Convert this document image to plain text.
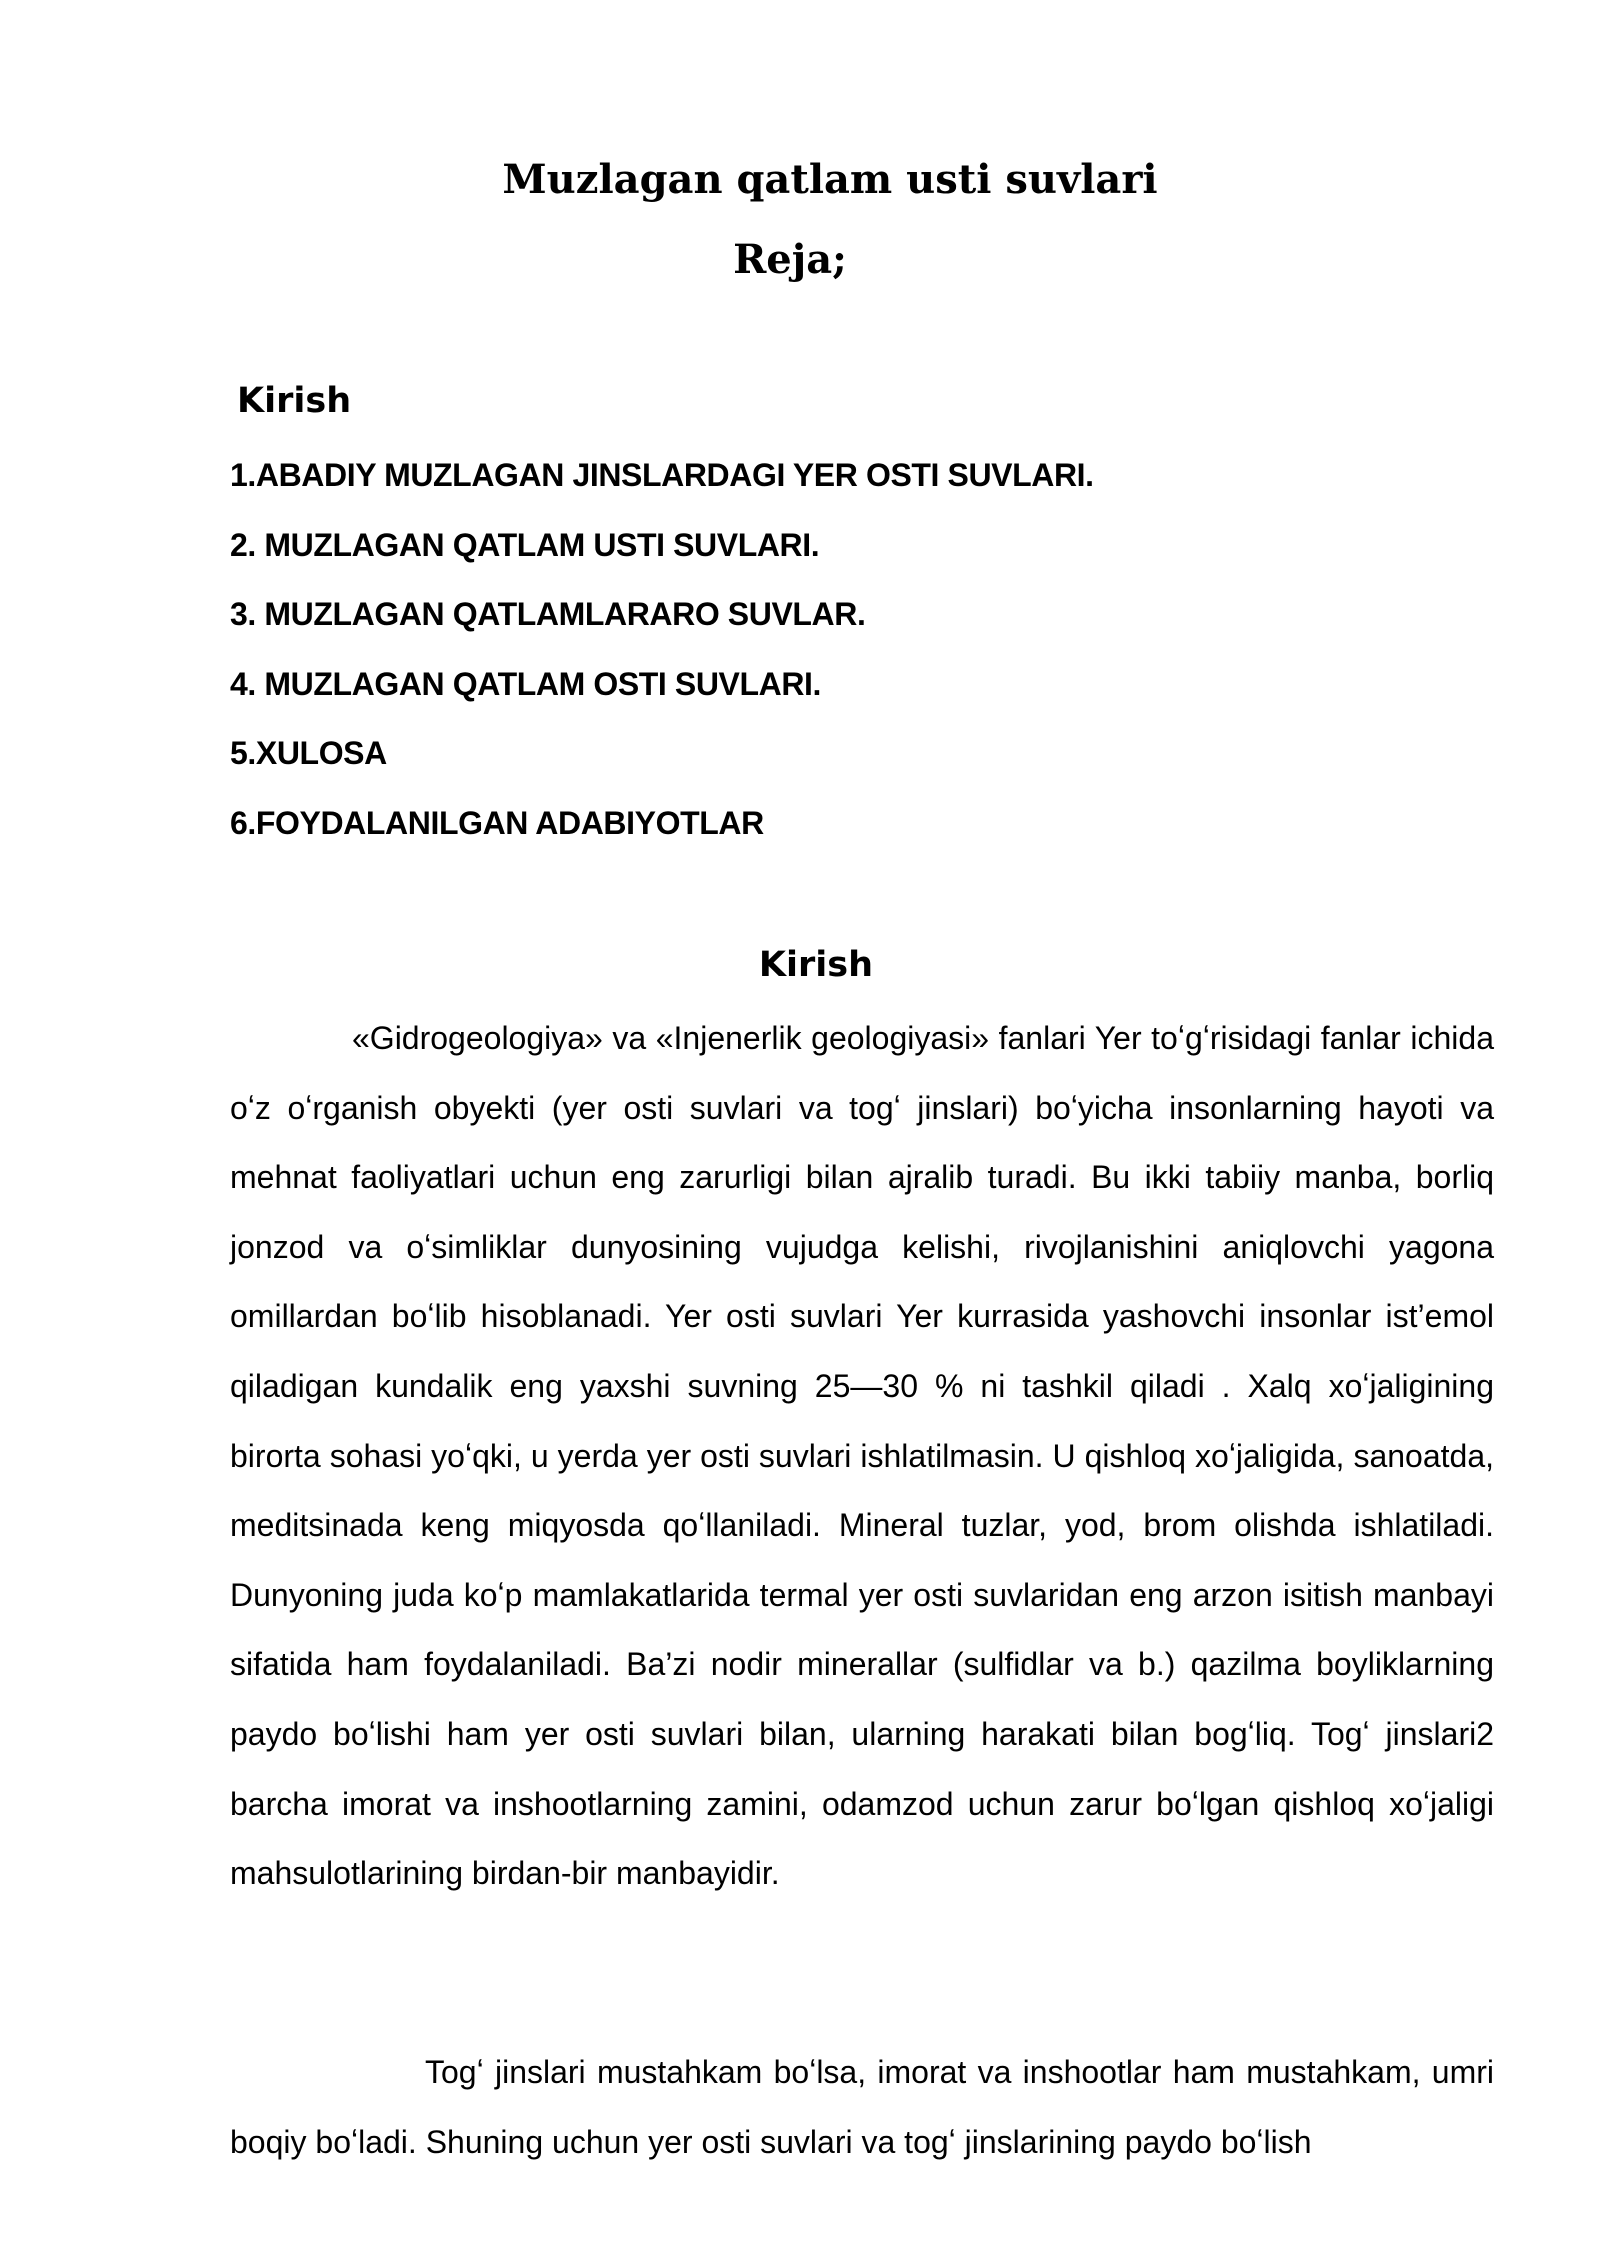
Muzlagan qatlam usti suvlari
Reja;
Kirish
1.ABADIY MUZLAGAN JINSLARDAGI YER OSTI SUVLARI.
2. MUZLAGAN QATLAM USTI SUVLARI.
3. MUZLAGAN QATLAMLARARO SUVLAR.
4. MUZLAGAN QATLAM OSTI SUVLARI.
5.XULOSA
6.FOYDALANILGAN ADABIYOTLAR
Kirish

«Gidrogeologiya» va «Injenerlik geologiyasi» fanlari Yer toʻgʻrisidagi fanlar ichida oʻz oʻrganish obyekti (yer osti suvlari va togʻ jinslari) boʻyicha insonlarning hayoti va mehnat faoliyatlari uchun eng zarurligi bilan ajralib turadi. Bu ikki tabiiy manba, borliq jonzod va oʻsimliklar dunyosining vujudga kelishi, rivojlanishini aniqlovchi yagona omillardan boʻlib hisoblanadi. Yer osti suvlari Yer kurrasida yashovchi insonlar ist’emol qiladigan kundalik eng yaxshi suvning 25—30 % ni tashkil qiladi . Xalq xoʻjaligining birorta sohasi yoʻqki, u yerda yer osti suvlari ishlatilmasin. U qishloq xoʻjaligida, sanoatda, meditsinada keng miqyosda qoʻllaniladi. Mineral tuzlar, yod, brom olishda ishlatiladi. Dunyoning juda koʻp mamlakatlarida termal yer osti suvlaridan eng arzon isitish manbayi sifatida ham foydalaniladi. Ba’zi nodir minerallar (sulfidlar va b.) qazilma boyliklarning paydo boʻlishi ham yer osti suvlari bilan, ularning harakati bilan bogʻliq. Togʻ jinslari2 barcha imorat va inshootlarning zamini, odamzod uchun zarur boʻlgan qishloq xoʻjaligi mahsulotlarining birdan-bir manbayidir.

Togʻ jinslari mustahkam boʻlsa, imorat va inshootlar ham mustahkam, umri boqiy boʻladi. Shuning uchun yer osti suvlari va togʻ jinslarining paydo boʻlish
